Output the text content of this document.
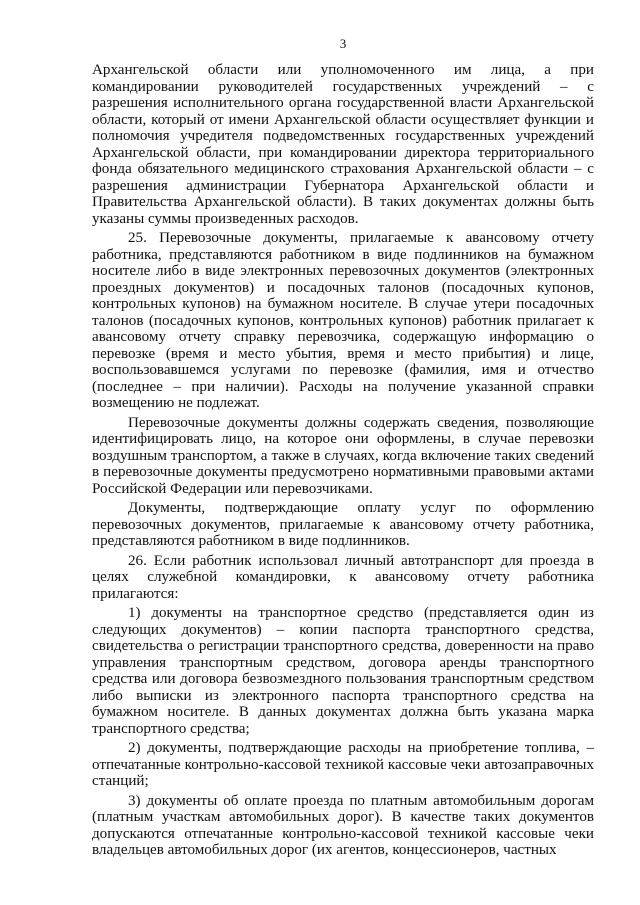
3

Архангельской области или уполномоченного им лица, а при командировании руководителей государственных учреждений – с разрешения исполнительного органа государственной власти Архангельской области, который от имени Архангельской области осуществляет функции и полномочия учредителя подведомственных государственных учреждений Архангельской области, при командировании директора территориального фонда обязательного медицинского страхования Архангельской области – с разрешения администрации Губернатора Архангельской области и Правительства Архангельской области). В таких документах должны быть указаны суммы произведенных расходов.

25. Перевозочные документы, прилагаемые к авансовому отчету работника, представляются работником в виде подлинников на бумажном носителе либо в виде электронных перевозочных документов (электронных проездных документов) и посадочных талонов (посадочных купонов, контрольных купонов) на бумажном носителе. В случае утери посадочных талонов (посадочных купонов, контрольных купонов) работник прилагает к авансовому отчету справку перевозчика, содержащую информацию о перевозке (время и место убытия, время и место прибытия) и лице, воспользовавшемся услугами по перевозке (фамилия, имя и отчество (последнее – при наличии). Расходы на получение указанной справки возмещению не подлежат.

Перевозочные документы должны содержать сведения, позволяющие идентифицировать лицо, на которое они оформлены, в случае перевозки воздушным транспортом, а также в случаях, когда включение таких сведений в перевозочные документы предусмотрено нормативными правовыми актами Российской Федерации или перевозчиками.

Документы, подтверждающие оплату услуг по оформлению перевозочных документов, прилагаемые к авансовому отчету работника, представляются работником в виде подлинников.

26. Если работник использовал личный автотранспорт для проезда в целях служебной командировки, к авансовому отчету работника прилагаются:

1) документы на транспортное средство (представляется один из следующих документов) – копии паспорта транспортного средства, свидетельства о регистрации транспортного средства, доверенности на право управления транспортным средством, договора аренды транспортного средства или договора безвозмездного пользования транспортным средством либо выписки из электронного паспорта транспортного средства на бумажном носителе. В данных документах должна быть указана марка транспортного средства;

2) документы, подтверждающие расходы на приобретение топлива, – отпечатанные контрольно-кассовой техникой кассовые чеки автозаправочных станций;

3) документы об оплате проезда по платным автомобильным дорогам (платным участкам автомобильных дорог). В качестве таких документов допускаются отпечатанные контрольно-кассовой техникой кассовые чеки владельцев автомобильных дорог (их агентов, концессионеров, частных
